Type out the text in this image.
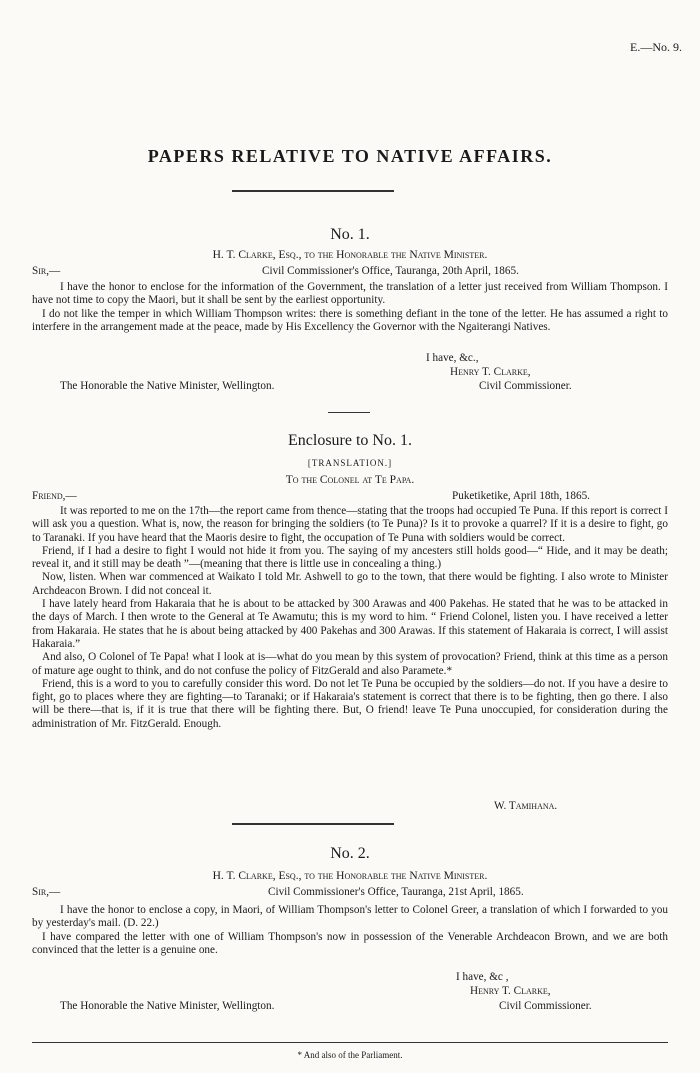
E.—No. 9.
PAPERS RELATIVE TO NATIVE AFFAIRS.
No. 1.
H. T. Clarke, Esq., to the Honorable the Native Minister.
Sir,—	Civil Commissioner's Office, Tauranga, 20th April, 1865.

I have the honor to enclose for the information of the Government, the translation of a letter just received from William Thompson. I have not time to copy the Maori, but it shall be sent by the earliest opportunity.

I do not like the temper in which William Thompson writes: there is something defiant in the tone of the letter. He has assumed a right to interfere in the arrangement made at the peace, made by His Excellency the Governor with the Ngaiterangi Natives.

I have, &c.,
Henry T. Clarke,
The Honorable the Native Minister, Wellington.	Civil Commissioner.
Enclosure to No. 1.
[TRANSLATION.]
To the Colonel at Te Papa.
Friend,—	Puketiketike, April 18th, 1865.

It was reported to me on the 17th—the report came from thence—stating that the troops had occupied Te Puna. If this report is correct I will ask you a question. What is, now, the reason for bringing the soldiers (to Te Puna)? Is it to provoke a quarrel? If it is a desire to fight, go to Taranaki. If you have heard that the Maoris desire to fight, the occupation of Te Puna with soldiers would be correct.

Friend, if I had a desire to fight I would not hide it from you. The saying of my ancesters still holds good—“ Hide, and it may be death; reveal it, and it still may be death ”—(meaning that there is little use in concealing a thing.)

Now, listen. When war commenced at Waikato I told Mr. Ashwell to go to the town, that there would be fighting. I also wrote to Minister Archdeacon Brown. I did not conceal it.

I have lately heard from Hakaraia that he is about to be attacked by 300 Arawas and 400 Pakehas. He stated that he was to be attacked in the days of March. I then wrote to the General at Te Awamutu; this is my word to him. “ Friend Colonel, listen you. I have received a letter from Hakaraia. He states that he is about being attacked by 400 Pakehas and 300 Arawas. If this statement of Hakaraia is correct, I will assist Hakaraia.”

And also, O Colonel of Te Papa! what I look at is—what do you mean by this system of provocation? Friend, think at this time as a person of mature age ought to think, and do not confuse the policy of FitzGerald and also Paramete.*

Friend, this is a word to you to carefully consider this word. Do not let Te Puna be occupied by the soldiers—do not. If you have a desire to fight, go to places where they are fighting—to Taranaki; or if Hakaraia's statement is correct that there is to be fighting, then go there. I also will be there—that is, if it is true that there will be fighting there. But, O friend! leave Te Puna unoccupied, for consideration during the administration of Mr. FitzGerald. Enough.

W. Tamihana.
No. 2.
H. T. Clarke, Esq., to the Honorable the Native Minister.
Sir,—	Civil Commissioner's Office, Tauranga, 21st April, 1865.

I have the honor to enclose a copy, in Maori, of William Thompson's letter to Colonel Greer, a translation of which I forwarded to you by yesterday's mail. (D. 22.)

I have compared the letter with one of William Thompson's now in possession of the Venerable Archdeacon Brown, and we are both convinced that the letter is a genuine one.

I have, &c ,
Henry T. Clarke,
The Honorable the Native Minister, Wellington.	Civil Commissioner.
* And also of the Parliament.
